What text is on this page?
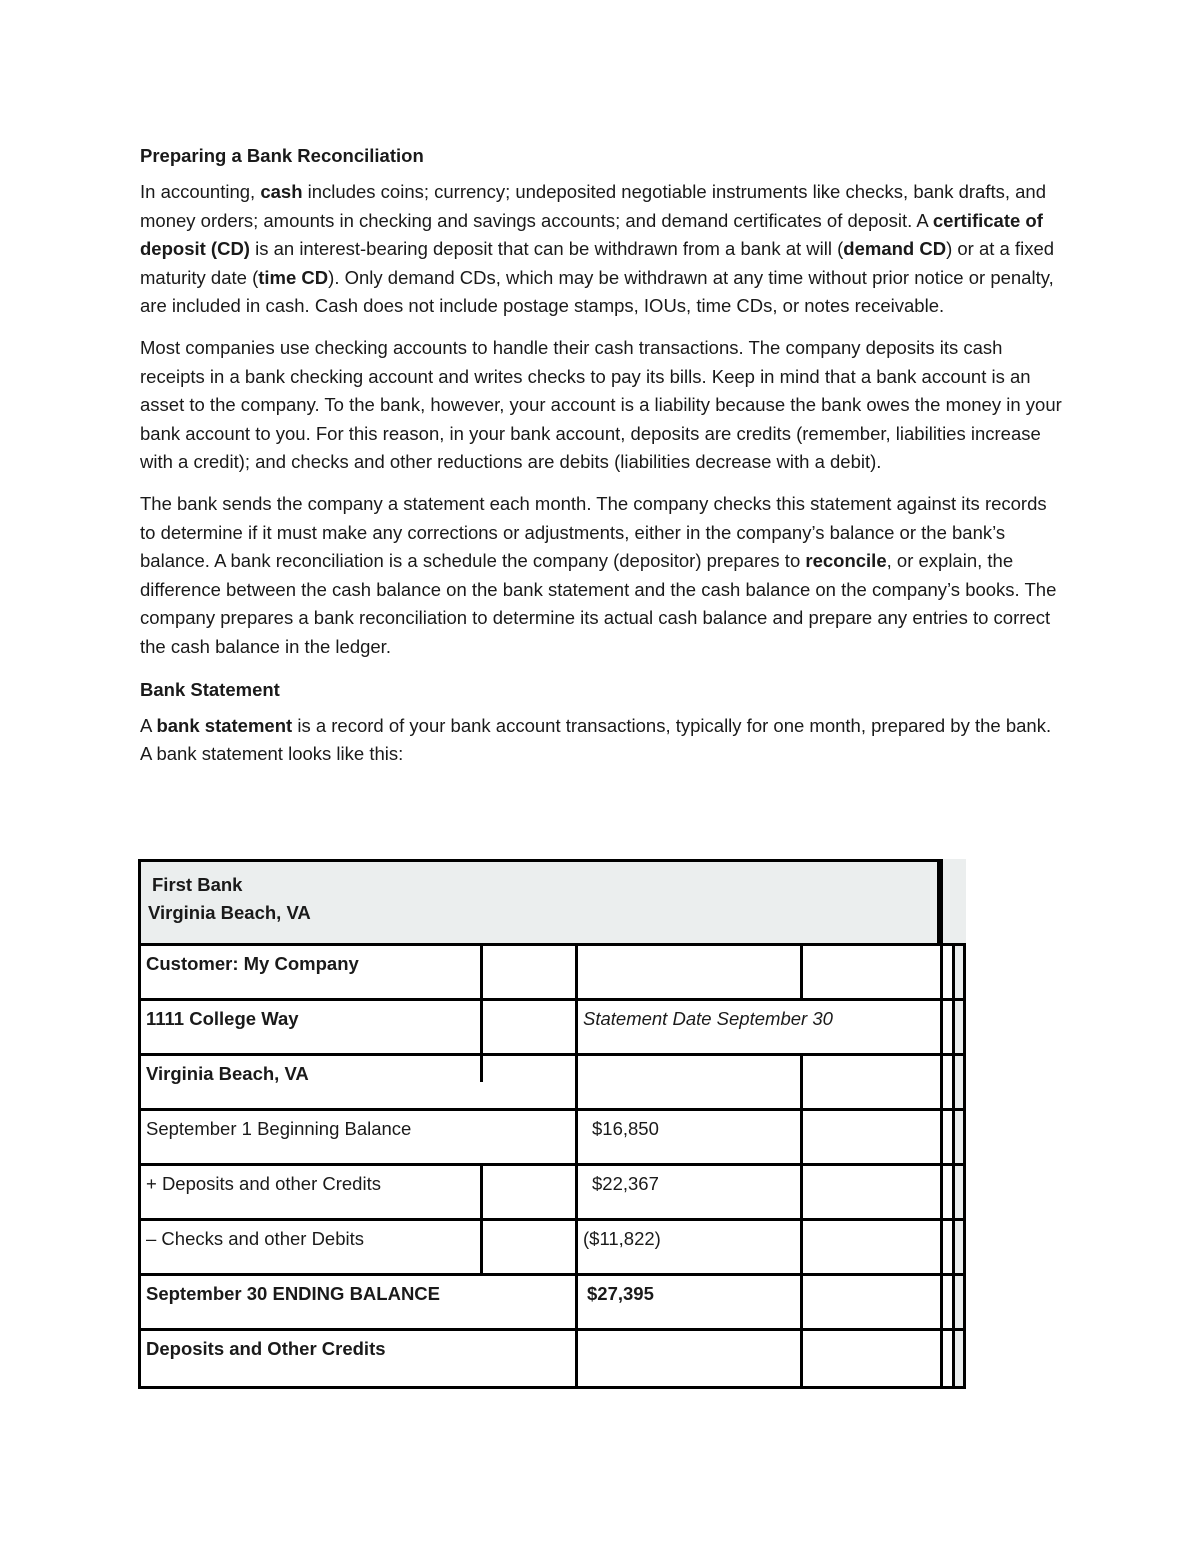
Preparing a Bank Reconciliation

In accounting, cash includes coins; currency; undeposited negotiable instruments like checks, bank drafts, and money orders; amounts in checking and savings accounts; and demand certificates of deposit. A certificate of deposit (CD) is an interest-bearing deposit that can be withdrawn from a bank at will (demand CD) or at a fixed maturity date (time CD). Only demand CDs, which may be withdrawn at any time without prior notice or penalty, are included in cash. Cash does not include postage stamps, IOUs, time CDs, or notes receivable.

Most companies use checking accounts to handle their cash transactions. The company deposits its cash receipts in a bank checking account and writes checks to pay its bills. Keep in mind that a bank account is an asset to the company. To the bank, however, your account is a liability because the bank owes the money in your bank account to you. For this reason, in your bank account, deposits are credits (remember, liabilities increase with a credit); and checks and other reductions are debits (liabilities decrease with a debit).

The bank sends the company a statement each month. The company checks this statement against its records to determine if it must make any corrections or adjustments, either in the company’s balance or the bank’s balance. A bank reconciliation is a schedule the company (depositor) prepares to reconcile, or explain, the difference between the cash balance on the bank statement and the cash balance on the company’s books. The company prepares a bank reconciliation to determine its actual cash balance and prepare any entries to correct the cash balance in the ledger.

Bank Statement

A bank statement is a record of your bank account transactions, typically for one month, prepared by the bank. A bank statement looks like this:

First Bank
Virginia Beach, VA
Customer: My Company
1111 College Way	Statement Date September 30
Virginia Beach, VA
September 1 Beginning Balance	$16,850
+ Deposits and other Credits	$22,367
– Checks and other Debits	($11,822)
September 30 ENDING BALANCE	$27,395
Deposits and Other Credits
